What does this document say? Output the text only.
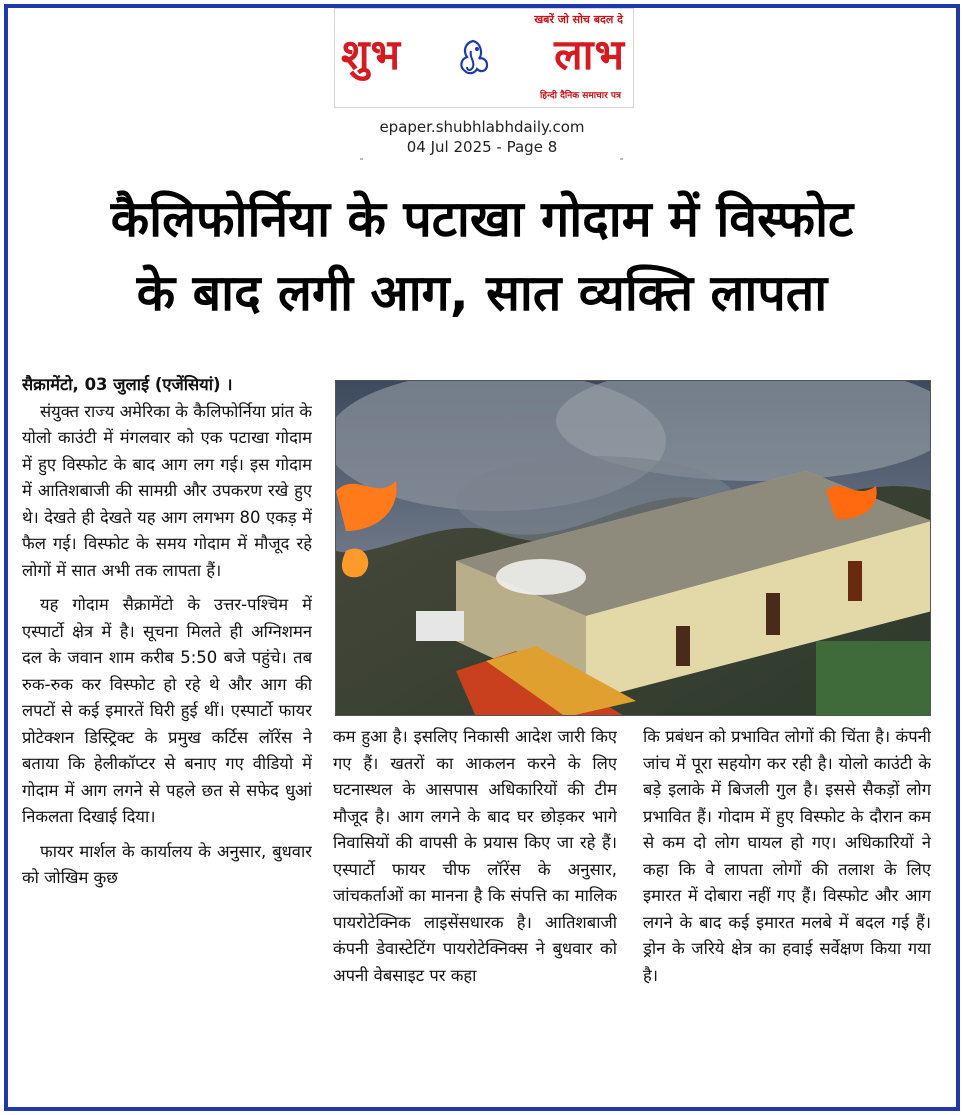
खबरें जो सोच बदल दे
शुभ	लाभ
हिन्दी दैनिक समाचार पत्र
epaper.shubhlabhdaily.com
04 Jul 2025 - Page 8
कैलिफोर्निया के पटाखा गोदाम में विस्फोट
के बाद लगी आग, सात व्यक्ति लापता

सैक्रामेंटो, 03 जुलाई (एजेंसियां) ।

संयुक्त राज्य अमेरिका के कैलिफोर्निया प्रांत के योलो काउंटी में मंगलवार को एक पटाखा गोदाम में हुए विस्फोट के बाद आग लग गई। इस गोदाम में आतिशबाजी की सामग्री और उपकरण रखे हुए थे। देखते ही देखते यह आग लगभग 80 एकड़ में फैल गई। विस्फोट के समय गोदाम में मौजूद रहे लोगों में सात अभी तक लापता हैं।

यह गोदाम सैक्रामेंटो के उत्तर-पश्चिम में एस्पार्टो क्षेत्र में है। सूचना मिलते ही अग्निशमन दल के जवान शाम करीब 5:50 बजे पहुंचे। तब रुक-रुक कर विस्फोट हो रहे थे और आग की लपटों से कई इमारतें घिरी हुई थीं। एस्पार्टो फायर प्रोटेक्शन डिस्ट्रिक्ट के प्रमुख कर्टिस लॉरेंस ने बताया कि हेलीकॉप्टर से बनाए गए वीडियो में गोदाम में आग लगने से पहले छत से सफेद धुआं निकलता दिखाई दिया।

फायर मार्शल के कार्यालय के अनुसार, बुधवार को जोखिम कुछ

कम हुआ है। इसलिए निकासी आदेश जारी किए गए हैं। खतरों का आकलन करने के लिए घटनास्थल के आसपास अधिकारियों की टीम मौजूद है। आग लगने के बाद घर छोड़कर भागे निवासियों की वापसी के प्रयास किए जा रहे हैं। एस्पार्टो फायर चीफ लॉरेंस के अनुसार, जांचकर्ताओं का मानना है कि संपत्ति का मालिक पायरोटेक्निक लाइसेंसधारक है। आतिशबाजी कंपनी डेवास्टेटिंग पायरोटेक्निक्स ने बुधवार को अपनी वेबसाइट पर कहा

कि प्रबंधन को प्रभावित लोगों की चिंता है। कंपनी जांच में पूरा सहयोग कर रही है। योलो काउंटी के बड़े इलाके में बिजली गुल है। इससे सैकड़ों लोग प्रभावित हैं। गोदाम में हुए विस्फोट के दौरान कम से कम दो लोग घायल हो गए। अधिकारियों ने कहा कि वे लापता लोगों की तलाश के लिए इमारत में दोबारा नहीं गए हैं। विस्फोट और आग लगने के बाद कई इमारत मलबे में बदल गई हैं। ड्रोन के जरिये क्षेत्र का हवाई सर्वेक्षण किया गया है।
